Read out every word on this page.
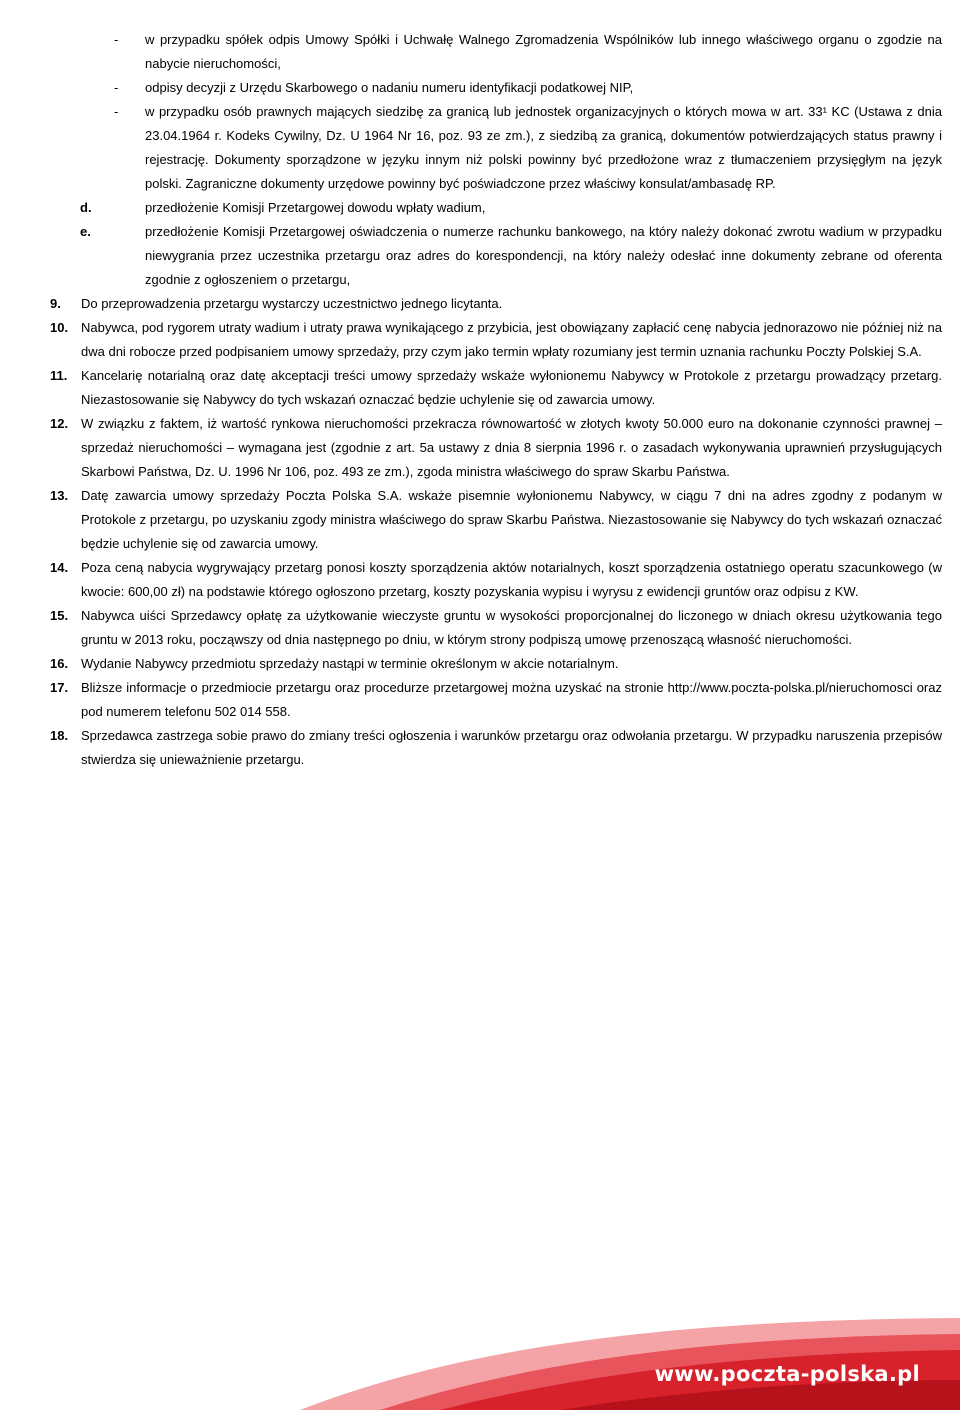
- w przypadku spółek odpis Umowy Spółki i Uchwałę Walnego Zgromadzenia Wspólników lub innego właściwego organu o zgodzie na nabycie nieruchomości,
- odpisy decyzji z Urzędu Skarbowego o nadaniu numeru identyfikacji podatkowej NIP,
- w przypadku osób prawnych mających siedzibę za granicą lub jednostek organizacyjnych o których mowa w art. 33¹ KC (Ustawa z dnia 23.04.1964 r. Kodeks Cywilny, Dz. U 1964 Nr 16, poz. 93 ze zm.), z siedzibą za granicą, dokumentów potwierdzających status prawny i rejestrację. Dokumenty sporządzone w języku innym niż polski powinny być przedłożone wraz z tłumaczeniem przysięgłym na język polski. Zagraniczne dokumenty urzędowe powinny być poświadczone przez właściwy konsulat/ambasadę RP.
d.	przedłożenie Komisji Przetargowej dowodu wpłaty wadium,
e.	przedłożenie Komisji Przetargowej oświadczenia o numerze rachunku bankowego, na który należy dokonać zwrotu wadium w przypadku niewygrania przez uczestnika przetargu oraz adres do korespondencji, na który należy odesłać inne dokumenty zebrane od oferenta zgodnie z ogłoszeniem o przetargu,
9. Do przeprowadzenia przetargu wystarczy uczestnictwo jednego licytanta.
10. Nabywca, pod rygorem utraty wadium i utraty prawa wynikającego z przybicia, jest obowiązany zapłacić cenę nabycia jednorazowo nie później niż na dwa dni robocze przed podpisaniem umowy sprzedaży, przy czym jako termin wpłaty rozumiany jest termin uznania rachunku Poczty Polskiej S.A.
11. Kancelarię notarialną oraz datę akceptacji treści umowy sprzedaży wskaże wyłonionemu Nabywcy w Protokole z przetargu prowadzący przetarg. Niezastosowanie się Nabywcy do tych wskazań oznaczać będzie uchylenie się od zawarcia umowy.
12. W związku z faktem, iż wartość rynkowa nieruchomości przekracza równowartość w złotych kwoty 50.000 euro na dokonanie czynności prawnej – sprzedaż nieruchomości – wymagana jest (zgodnie z art. 5a ustawy z dnia 8 sierpnia 1996 r. o zasadach wykonywania uprawnień przysługujących Skarbowi Państwa, Dz. U. 1996 Nr 106, poz. 493 ze zm.), zgoda ministra właściwego do spraw Skarbu Państwa.
13. Datę zawarcia umowy sprzedaży Poczta Polska S.A. wskaże pisemnie wyłonionemu Nabywcy, w ciągu 7 dni na adres zgodny z podanym w Protokole z przetargu, po uzyskaniu zgody ministra właściwego do spraw Skarbu Państwa. Niezastosowanie się Nabywcy do tych wskazań oznaczać będzie uchylenie się od zawarcia umowy.
14. Poza ceną nabycia wygrywający przetarg ponosi koszty sporządzenia aktów notarialnych, koszt sporządzenia ostatniego operatu szacunkowego (w kwocie: 600,00 zł) na podstawie którego ogłoszono przetarg, koszty pozyskania wypisu i wyrysu z ewidencji gruntów oraz odpisu z KW.
15. Nabywca uiści Sprzedawcy opłatę za użytkowanie wieczyste gruntu w wysokości proporcjonalnej do liczonego w dniach okresu użytkowania tego gruntu w 2013 roku, począwszy od dnia następnego po dniu, w którym strony podpiszą umowę przenoszącą własność nieruchomości.
16. Wydanie Nabywcy przedmiotu sprzedaży nastąpi w terminie określonym w akcie notarialnym.
17. Bliższe informacje o przedmiocie przetargu oraz procedurze przetargowej można uzyskać na stronie http://www.poczta-polska.pl/nieruchomosci oraz pod numerem telefonu 502 014 558.
18. Sprzedawca zastrzega sobie prawo do zmiany treści ogłoszenia i warunków przetargu oraz odwołania przetargu. W przypadku naruszenia przepisów stwierdza się unieważnienie przetargu.
www.poczta-polska.pl
